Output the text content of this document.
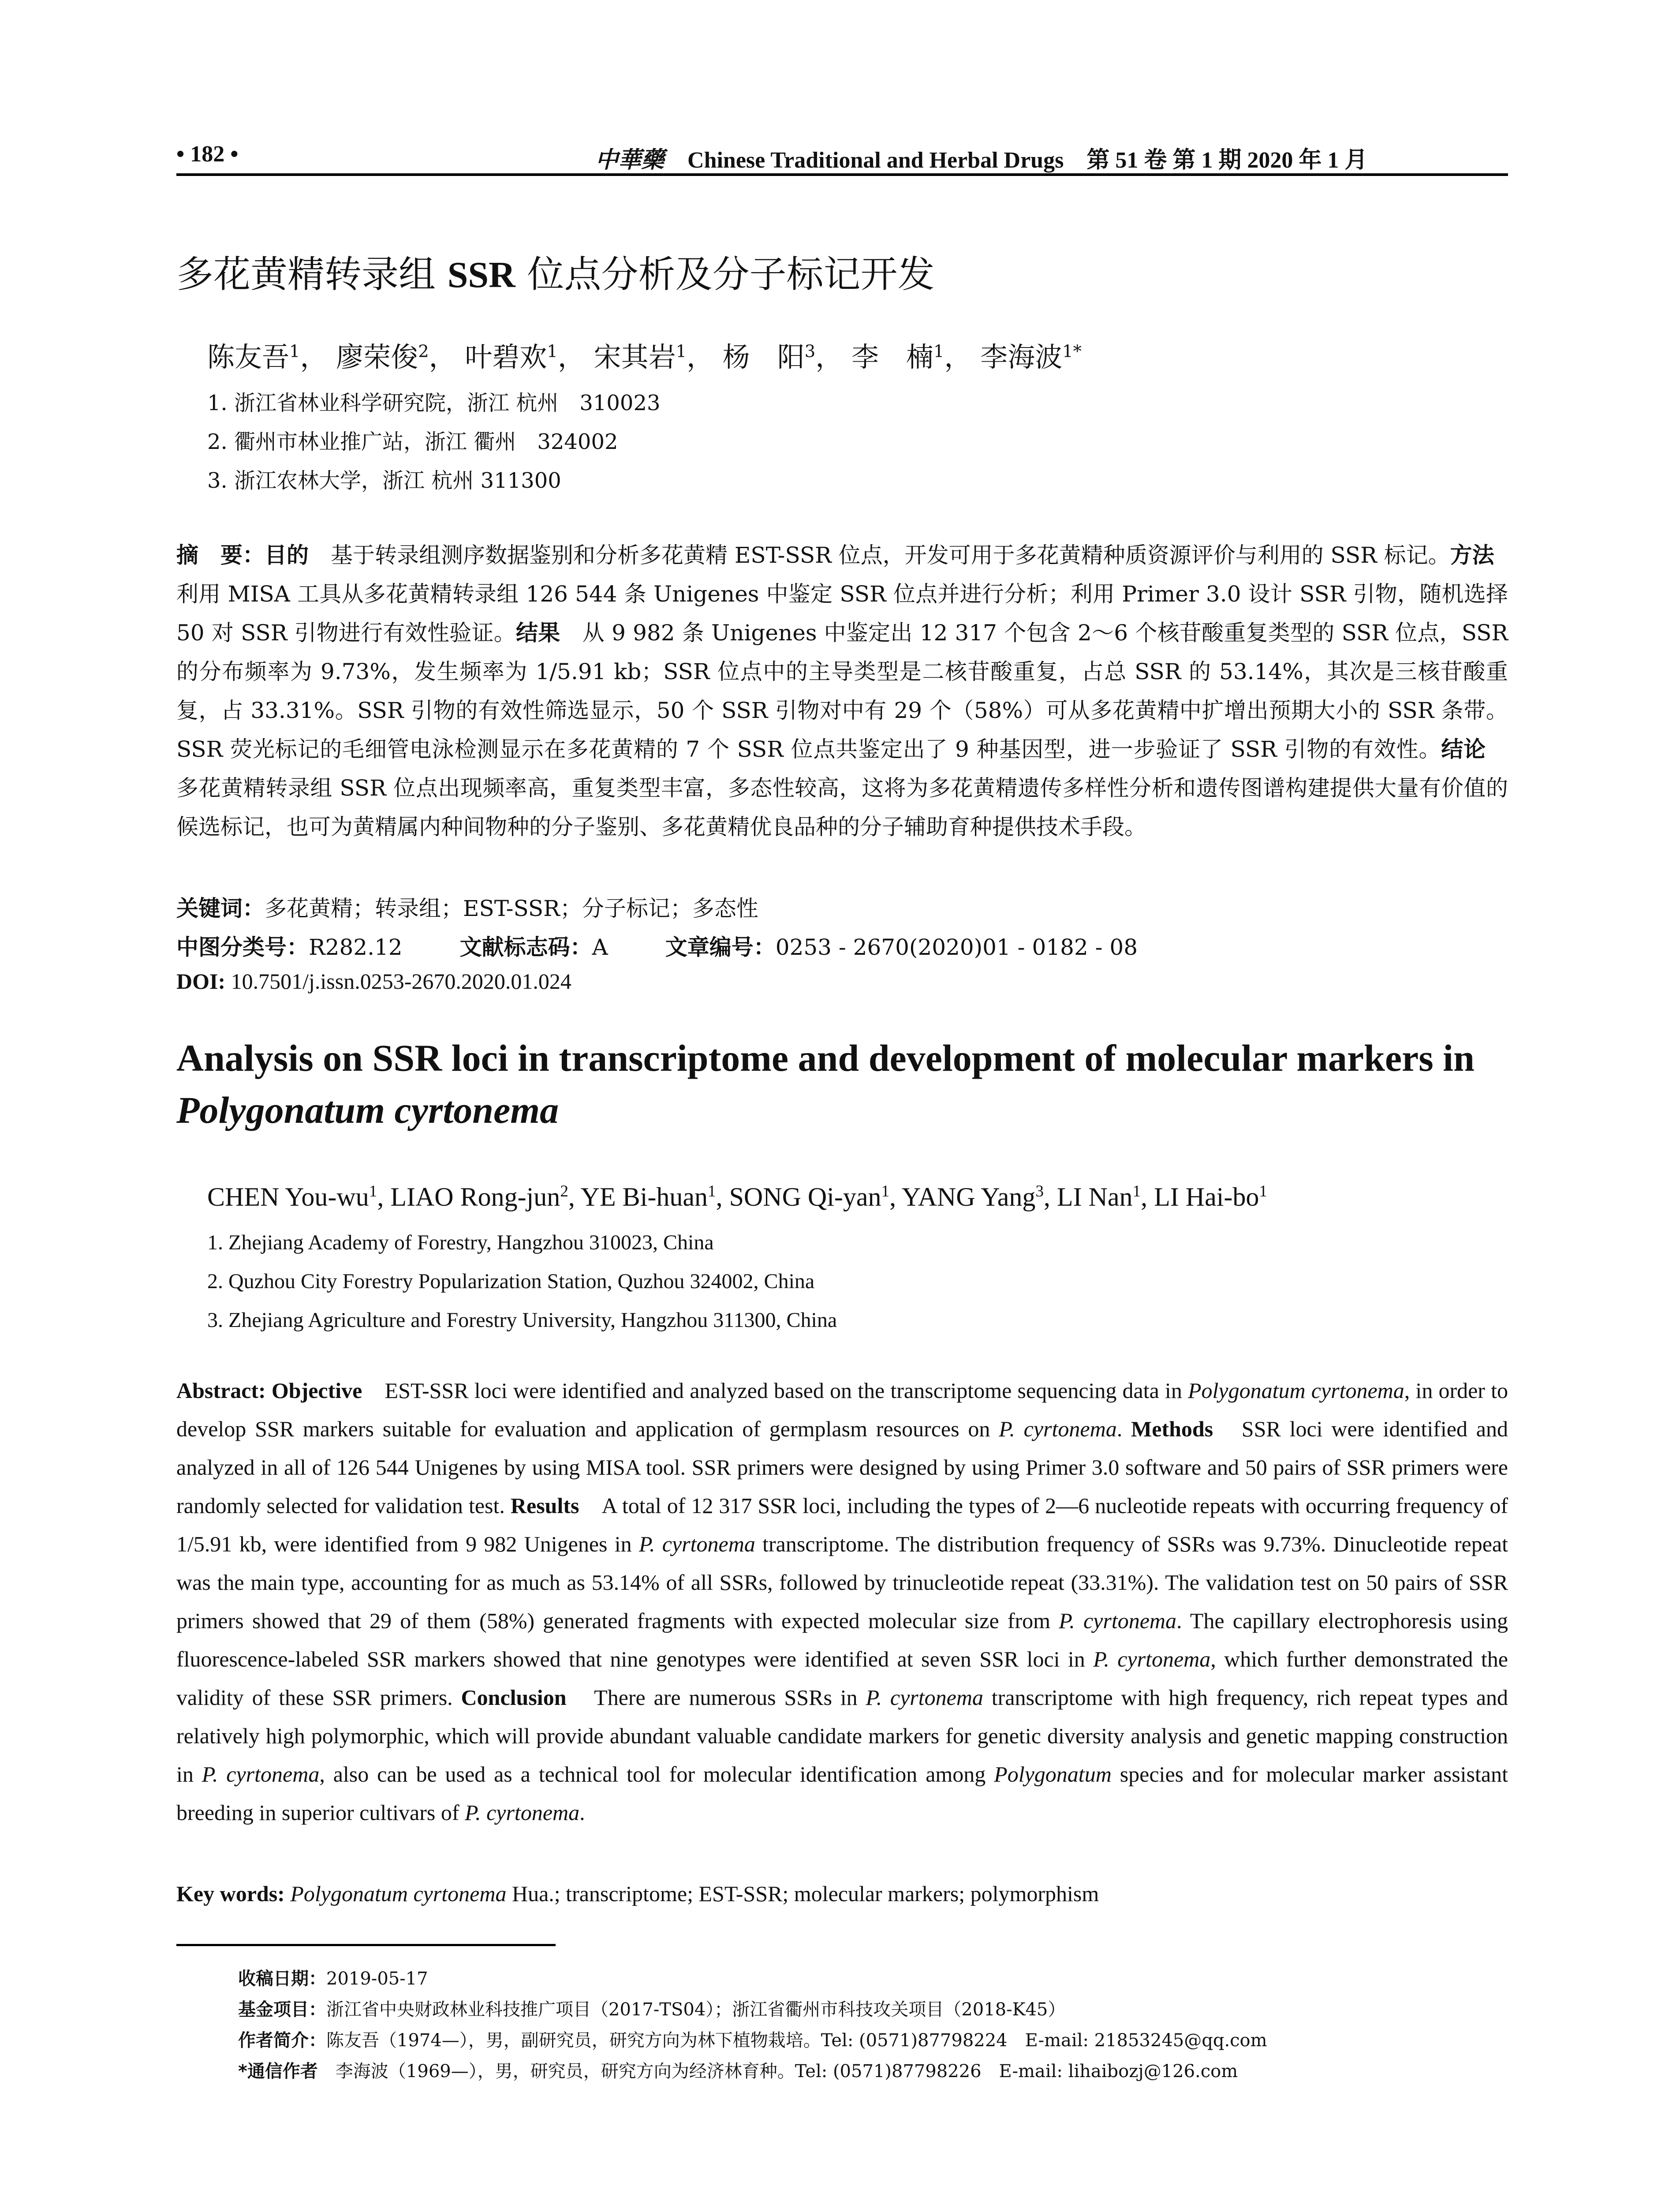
• 182 •	中華藥 Chinese Traditional and Herbal Drugs　第 51 卷 第 1 期 2020 年 1 月
多花黄精转录组 SSR 位点分析及分子标记开发
陈友吾$^1$， 廖荣俊$^2$， 叶碧欢$^1$， 宋其岩$^1$， 杨　阳$^3$， 李　楠$^1$， 李海波$^{1*}$
1. 浙江省林业科学研究院，浙江 杭州　310023
2. 衢州市林业推广站，浙江 衢州　324002
3. 浙江农林大学，浙江 杭州 311300
摘　要：目的　基于转录组测序数据鉴别和分析多花黄精 EST-SSR 位点，开发可用于多花黄精种质资源评价与利用的 SSR 标记。方法　利用 MISA 工具从多花黄精转录组 126 544 条 Unigenes 中鉴定 SSR 位点并进行分析；利用 Primer 3.0 设计 SSR 引物，随机选择 50 对 SSR 引物进行有效性验证。结果　从 9 982 条 Unigenes 中鉴定出 12 317 个包含 2～6 个核苷酸重复类型的 SSR 位点，SSR 的分布频率为 9.73%，发生频率为 1/5.91 kb；SSR 位点中的主导类型是二核苷酸重复，占总 SSR 的 53.14%，其次是三核苷酸重复，占 33.31%。SSR 引物的有效性筛选显示，50 个 SSR 引物对中有 29 个（58%）可从多花黄精中扩增出预期大小的 SSR 条带。SSR 荧光标记的毛细管电泳检测显示在多花黄精的 7 个 SSR 位点共鉴定出了 9 种基因型，进一步验证了 SSR 引物的有效性。结论　多花黄精转录组 SSR 位点出现频率高，重复类型丰富，多态性较高，这将为多花黄精遗传多样性分析和遗传图谱构建提供大量有价值的候选标记，也可为黄精属内种间物种的分子鉴别、多花黄精优良品种的分子辅助育种提供技术手段。
关键词：多花黄精；转录组；EST-SSR；分子标记；多态性
中图分类号：R282.12	文献标志码：A	文章编号：0253 - 2670(2020)01 - 0182 - 08
DOI: 10.7501/j.issn.0253-2670.2020.01.024
Analysis on SSR loci in transcriptome and development of molecular markers in
Polygonatum cyrtonema
CHEN You-$wu^1$, LIAO Rong-jun$^2$, YE Bi-huan$^1$, SONG Qi-yan$^1$, YANG Yang$^3$, LI Nan$^1$, LI Hai-$bo^1$
1. Zhejiang Academy of Forestry, Hangzhou 310023, China
2. Quzhou City Forestry Popularization Station, Quzhou 324002, China
3. Zhejiang Agriculture and Forestry University, Hangzhou 311300, China
Abstract: Objective　EST-SSR loci were identified and analyzed based on the transcriptome sequencing data in Polygonatum cyrtonema, in order to develop SSR markers suitable for evaluation and application of germplasm resources on P. cyrtonema. Methods　SSR loci were identified and analyzed in all of 126 544 Unigenes by using MISA tool. SSR primers were designed by using Primer 3.0 software and 50 pairs of SSR primers were randomly selected for validation test. Results　A total of 12 317 SSR loci, including the types of 2—6 nucleotide repeats with occurring frequency of 1/5.91 kb, were identified from 9 982 Unigenes in P. cyrtonema transcriptome. The distribution frequency of SSRs was 9.73%. Dinucleotide repeat was the main type, accounting for as much as 53.14% of all SSRs, followed by trinucleotide repeat (33.31%). The validation test on 50 pairs of SSR primers showed that 29 of them (58%) generated fragments with expected molecular size from P. cyrtonema. The capillary electrophoresis using fluorescence-labeled SSR markers showed that nine genotypes were identified at seven SSR loci in P. cyrtonema, which further demonstrated the validity of these SSR primers. Conclusion　There are numerous SSRs in P. cyrtonema transcriptome with high frequency, rich repeat types and relatively high polymorphic, which will provide abundant valuable candidate markers for genetic diversity analysis and genetic mapping construction in P. cyrtonema, also can be used as a technical tool for molecular identification among Polygonatum species and for molecular marker assistant breeding in superior cultivars of P. cyrtonema.
Key words: Polygonatum cyrtonema Hua.; transcriptome; EST-SSR; molecular markers; polymorphism
收稿日期：2019-05-17
基金项目：浙江省中央财政林业科技推广项目（2017-TS04）；浙江省衢州市科技攻关项目（2018-K45）
作者简介：陈友吾（1974—），男，副研究员，研究方向为林下植物栽培。Tel: (0571)87798224　E-mail: 21853245@qq.com
*通信作者　李海波（1969—），男，研究员，研究方向为经济林育种。Tel: (0571)87798226　E-mail: lihaibozj@126.com
